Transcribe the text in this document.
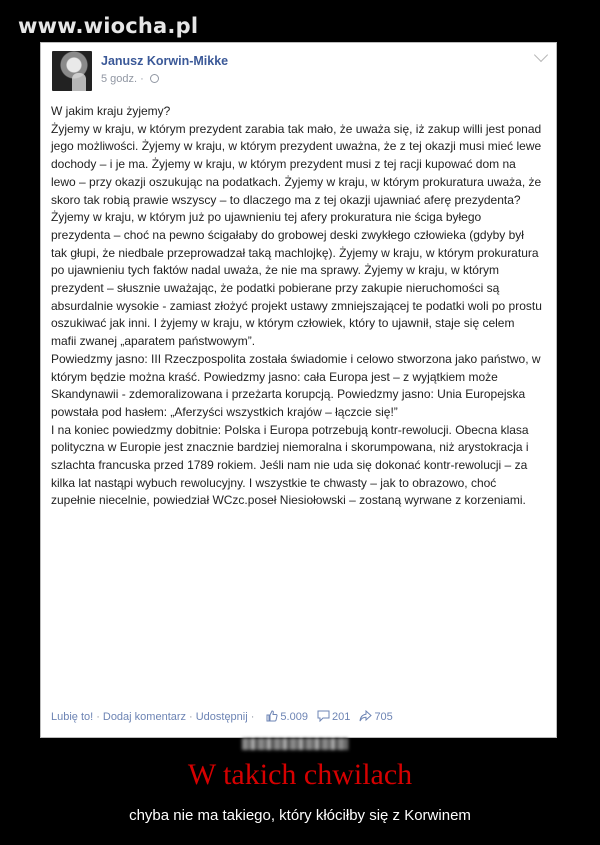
www.wiocha.pl
Janusz Korwin-Mikke
5 godz. ·

W jakim kraju żyjemy?

Żyjemy w kraju, w którym prezydent zarabia tak mało, że uważa się, iż zakup willi jest ponad jego możliwości. Żyjemy w kraju, w którym prezydent uważna, że z tej okazji musi mieć lewe dochody – i je ma. Żyjemy w kraju, w którym prezydent musi z tej racji kupować dom na lewo – przy okazji oszukując na podatkach. Żyjemy w kraju, w którym prokuratura uważa, że skoro tak robią prawie wszyscy – to dlaczego ma z tej okazji ujawniać aferę prezydenta? Żyjemy w kraju, w którym już po ujawnieniu tej afery prokuratura nie ściga byłego prezydenta – choć na pewno ścigałaby do grobowej deski zwykłego człowieka (gdyby był tak głupi, że niedbale przeprowadzał taką machlojkę). Żyjemy w kraju, w którym prokuratura po ujawnieniu tych faktów nadal uważa, że nie ma sprawy. Żyjemy w kraju, w którym prezydent – słusznie uważając, że podatki pobierane przy zakupie nieruchomości są absurdalnie wysokie - zamiast złożyć projekt ustawy zmniejszającej te podatki woli po prostu oszukiwać jak inni. I żyjemy w kraju, w którym człowiek, który to ujawnił, staje się celem mafii zwanej „aparatem państwowym”.

Powiedzmy jasno: III Rzeczpospolita została świadomie i celowo stworzona jako państwo, w którym będzie można kraść. Powiedzmy jasno: cała Europa jest – z wyjątkiem może Skandynawii - zdemoralizowana i przeżarta korupcją. Powiedzmy jasno: Unia Europejska powstała pod hasłem: „Aferzyści wszystkich krajów – łączcie się!”

I na koniec powiedzmy dobitnie: Polska i Europa potrzebują kontr-rewolucji. Obecna klasa polityczna w Europie jest znacznie bardziej niemoralna i skorumpowana, niż arystokracja i szlachta francuska przed 1789 rokiem. Jeśli nam nie uda się dokonać kontr-rewolucji – za kilka lat nastąpi wybuch rewolucyjny. I wszystkie te chwasty – jak to obrazowo, choć zupełnie niecelnie, powiedział WCzc.poseł Niesiołowski – zostaną wyrwane z korzeniami.

Lubię to! · Dodaj komentarz · Udostępnij · 5.009 201 705
W takich chwilach
chyba nie ma takiego, który kłóciłby się z Korwinem
